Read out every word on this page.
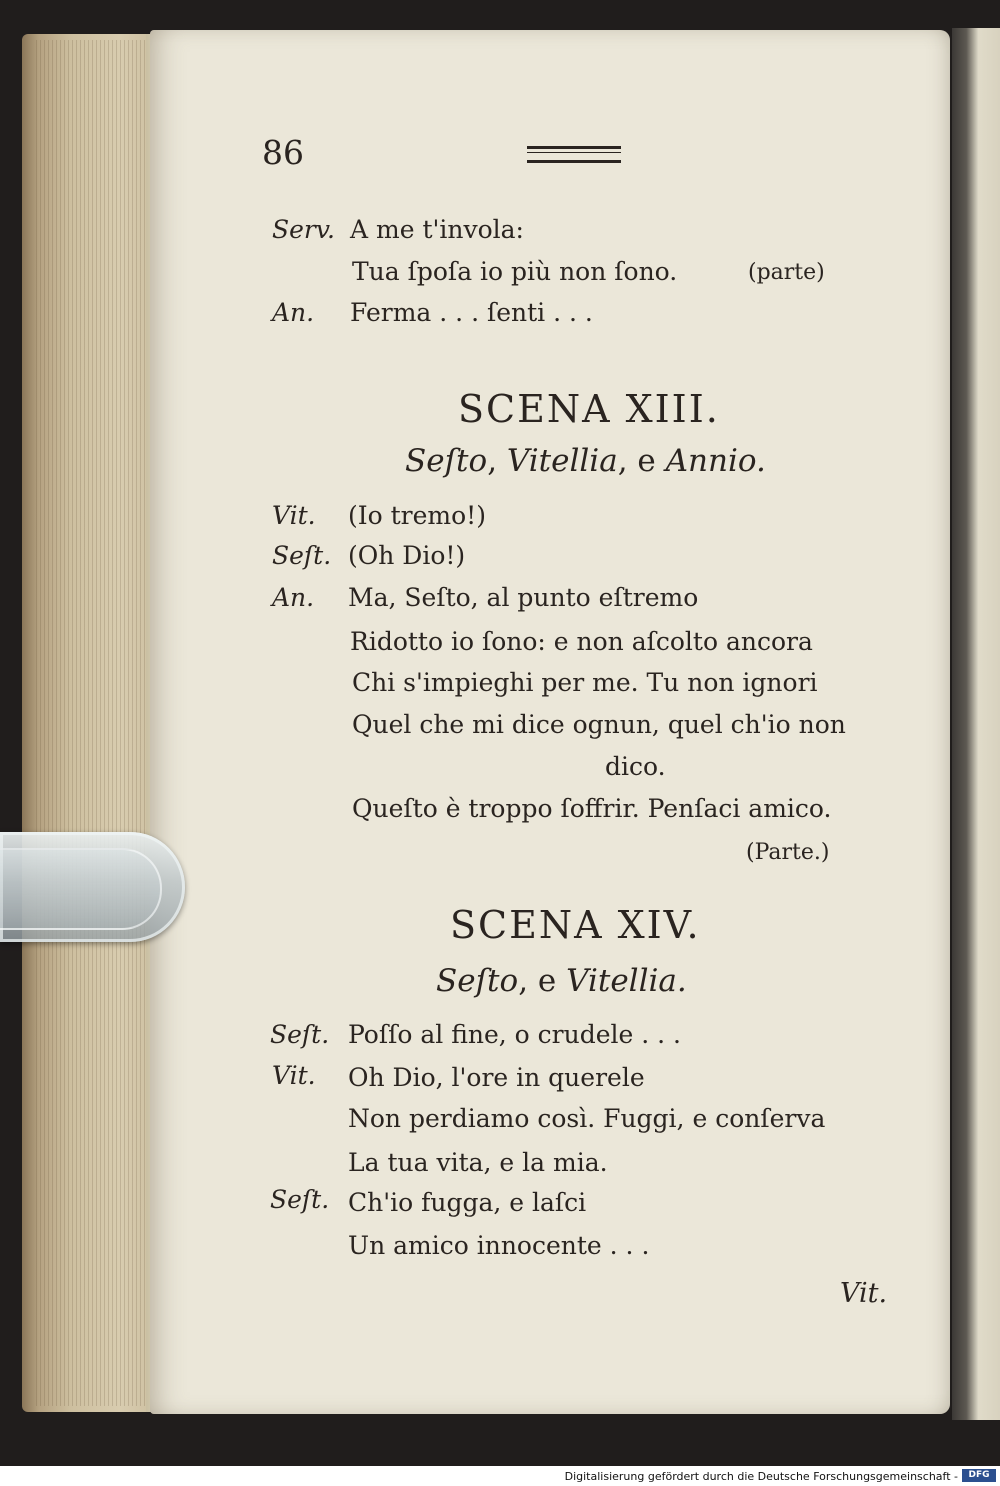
86
Serv. A me t'invola:
Tua ſpoſa io più non ſono.	(parte)
An. Ferma . . . ſenti . . .
SCENA XIII.
Seſto, Vitellia, e Annio.
Vit. (Io tremo!)
Seſt. (Oh Dio!)
An. Ma, Seſto, al punto eſtremo
Ridotto io ſono: e non aſcolto ancora
Chi s'impieghi per me. Tu non ignori
Quel che mi dice ognun, quel ch'io non
dico.
Queſto è troppo ſoffrir. Penſaci amico.
(Parte.)
SCENA XIV.
Seſto, e Vitellia.
Seſt. Poſſo al fine, o crudele . . .
Vit. Oh Dio, l'ore in querele
Non perdiamo così. Fuggi, e conſerva
La tua vita, e la mia.
Seſt. Ch'io fugga, e laſci
Un amico innocente . . .
Vit.
Digitalisierung gefördert durch die Deutsche Forschungsgemeinschaft -	DFG
